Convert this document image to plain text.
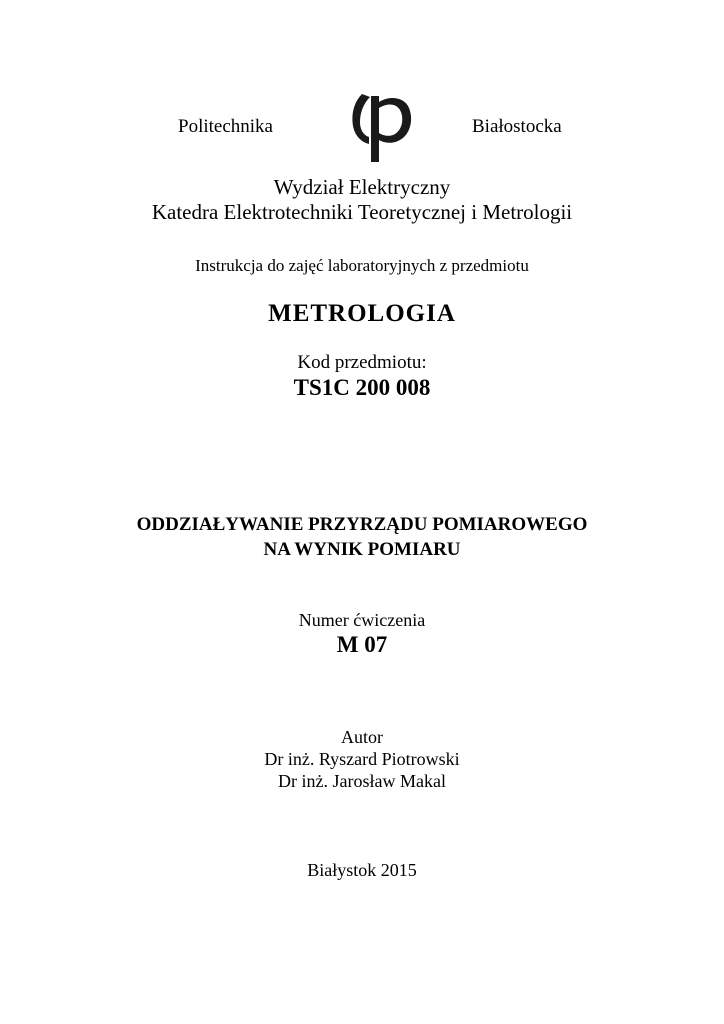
Politechnika	Białostocka
Wydział Elektryczny
Katedra Elektrotechniki Teoretycznej i Metrologii
Instrukcja do zajęć laboratoryjnych z przedmiotu
METROLOGIA
Kod przedmiotu:
TS1C 200 008
ODDZIAŁYWANIE PRZYRZĄDU POMIAROWEGO
NA WYNIK POMIARU
Numer ćwiczenia
M 07
Autor
Dr inż. Ryszard Piotrowski
Dr inż. Jarosław Makal
Białystok 2015
